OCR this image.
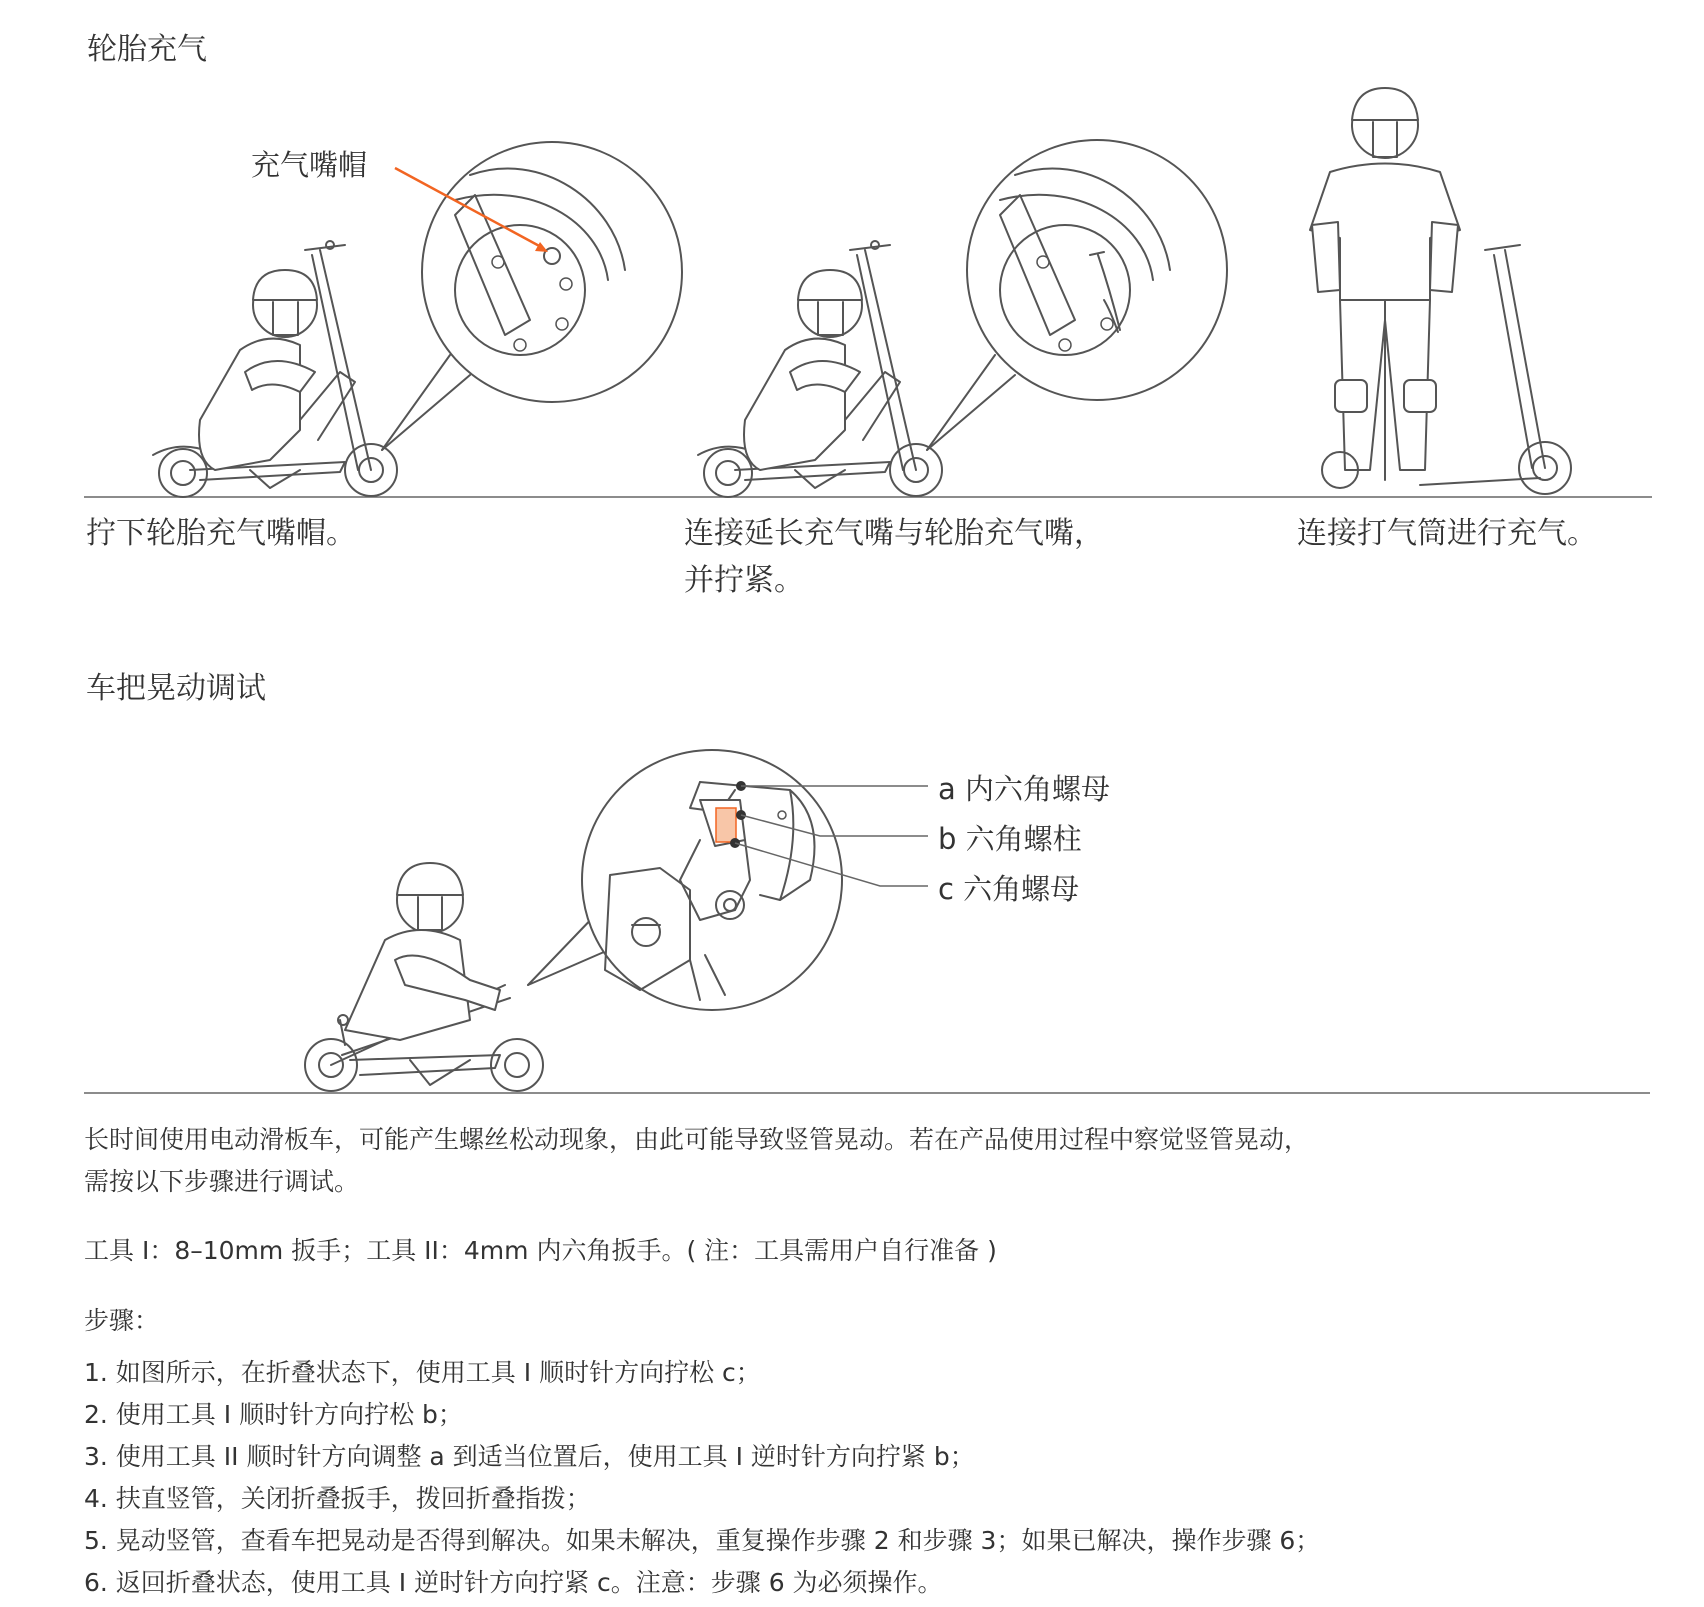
轮胎充气
充气嘴帽
拧下轮胎充气嘴帽。	连接延长充气嘴与轮胎充气嘴，
并拧紧。
连接打气筒进行充气。
车把晃动调试
a 内六角螺母
b 六角螺柱
c 六角螺母
长时间使用电动滑板车，可能产生螺丝松动现象，由此可能导致竖管晃动。若在产品使用过程中察觉竖管晃动，
需按以下步骤进行调试。
工具 I：8–10mm 扳手；工具 II：4mm 内六角扳手。( 注：工具需用户自行准备 )
步骤：
1. 如图所示，在折叠状态下，使用工具 I 顺时针方向拧松 c；
2. 使用工具 I 顺时针方向拧松 b；
3. 使用工具 II 顺时针方向调整 a 到适当位置后，使用工具 I 逆时针方向拧紧 b；
4. 扶直竖管，关闭折叠扳手，拨回折叠指拨；
5. 晃动竖管，查看车把晃动是否得到解决。如果未解决，重复操作步骤 2 和步骤 3；如果已解决，操作步骤 6；
6. 返回折叠状态，使用工具 I 逆时针方向拧紧 c。注意：步骤 6 为必须操作。
